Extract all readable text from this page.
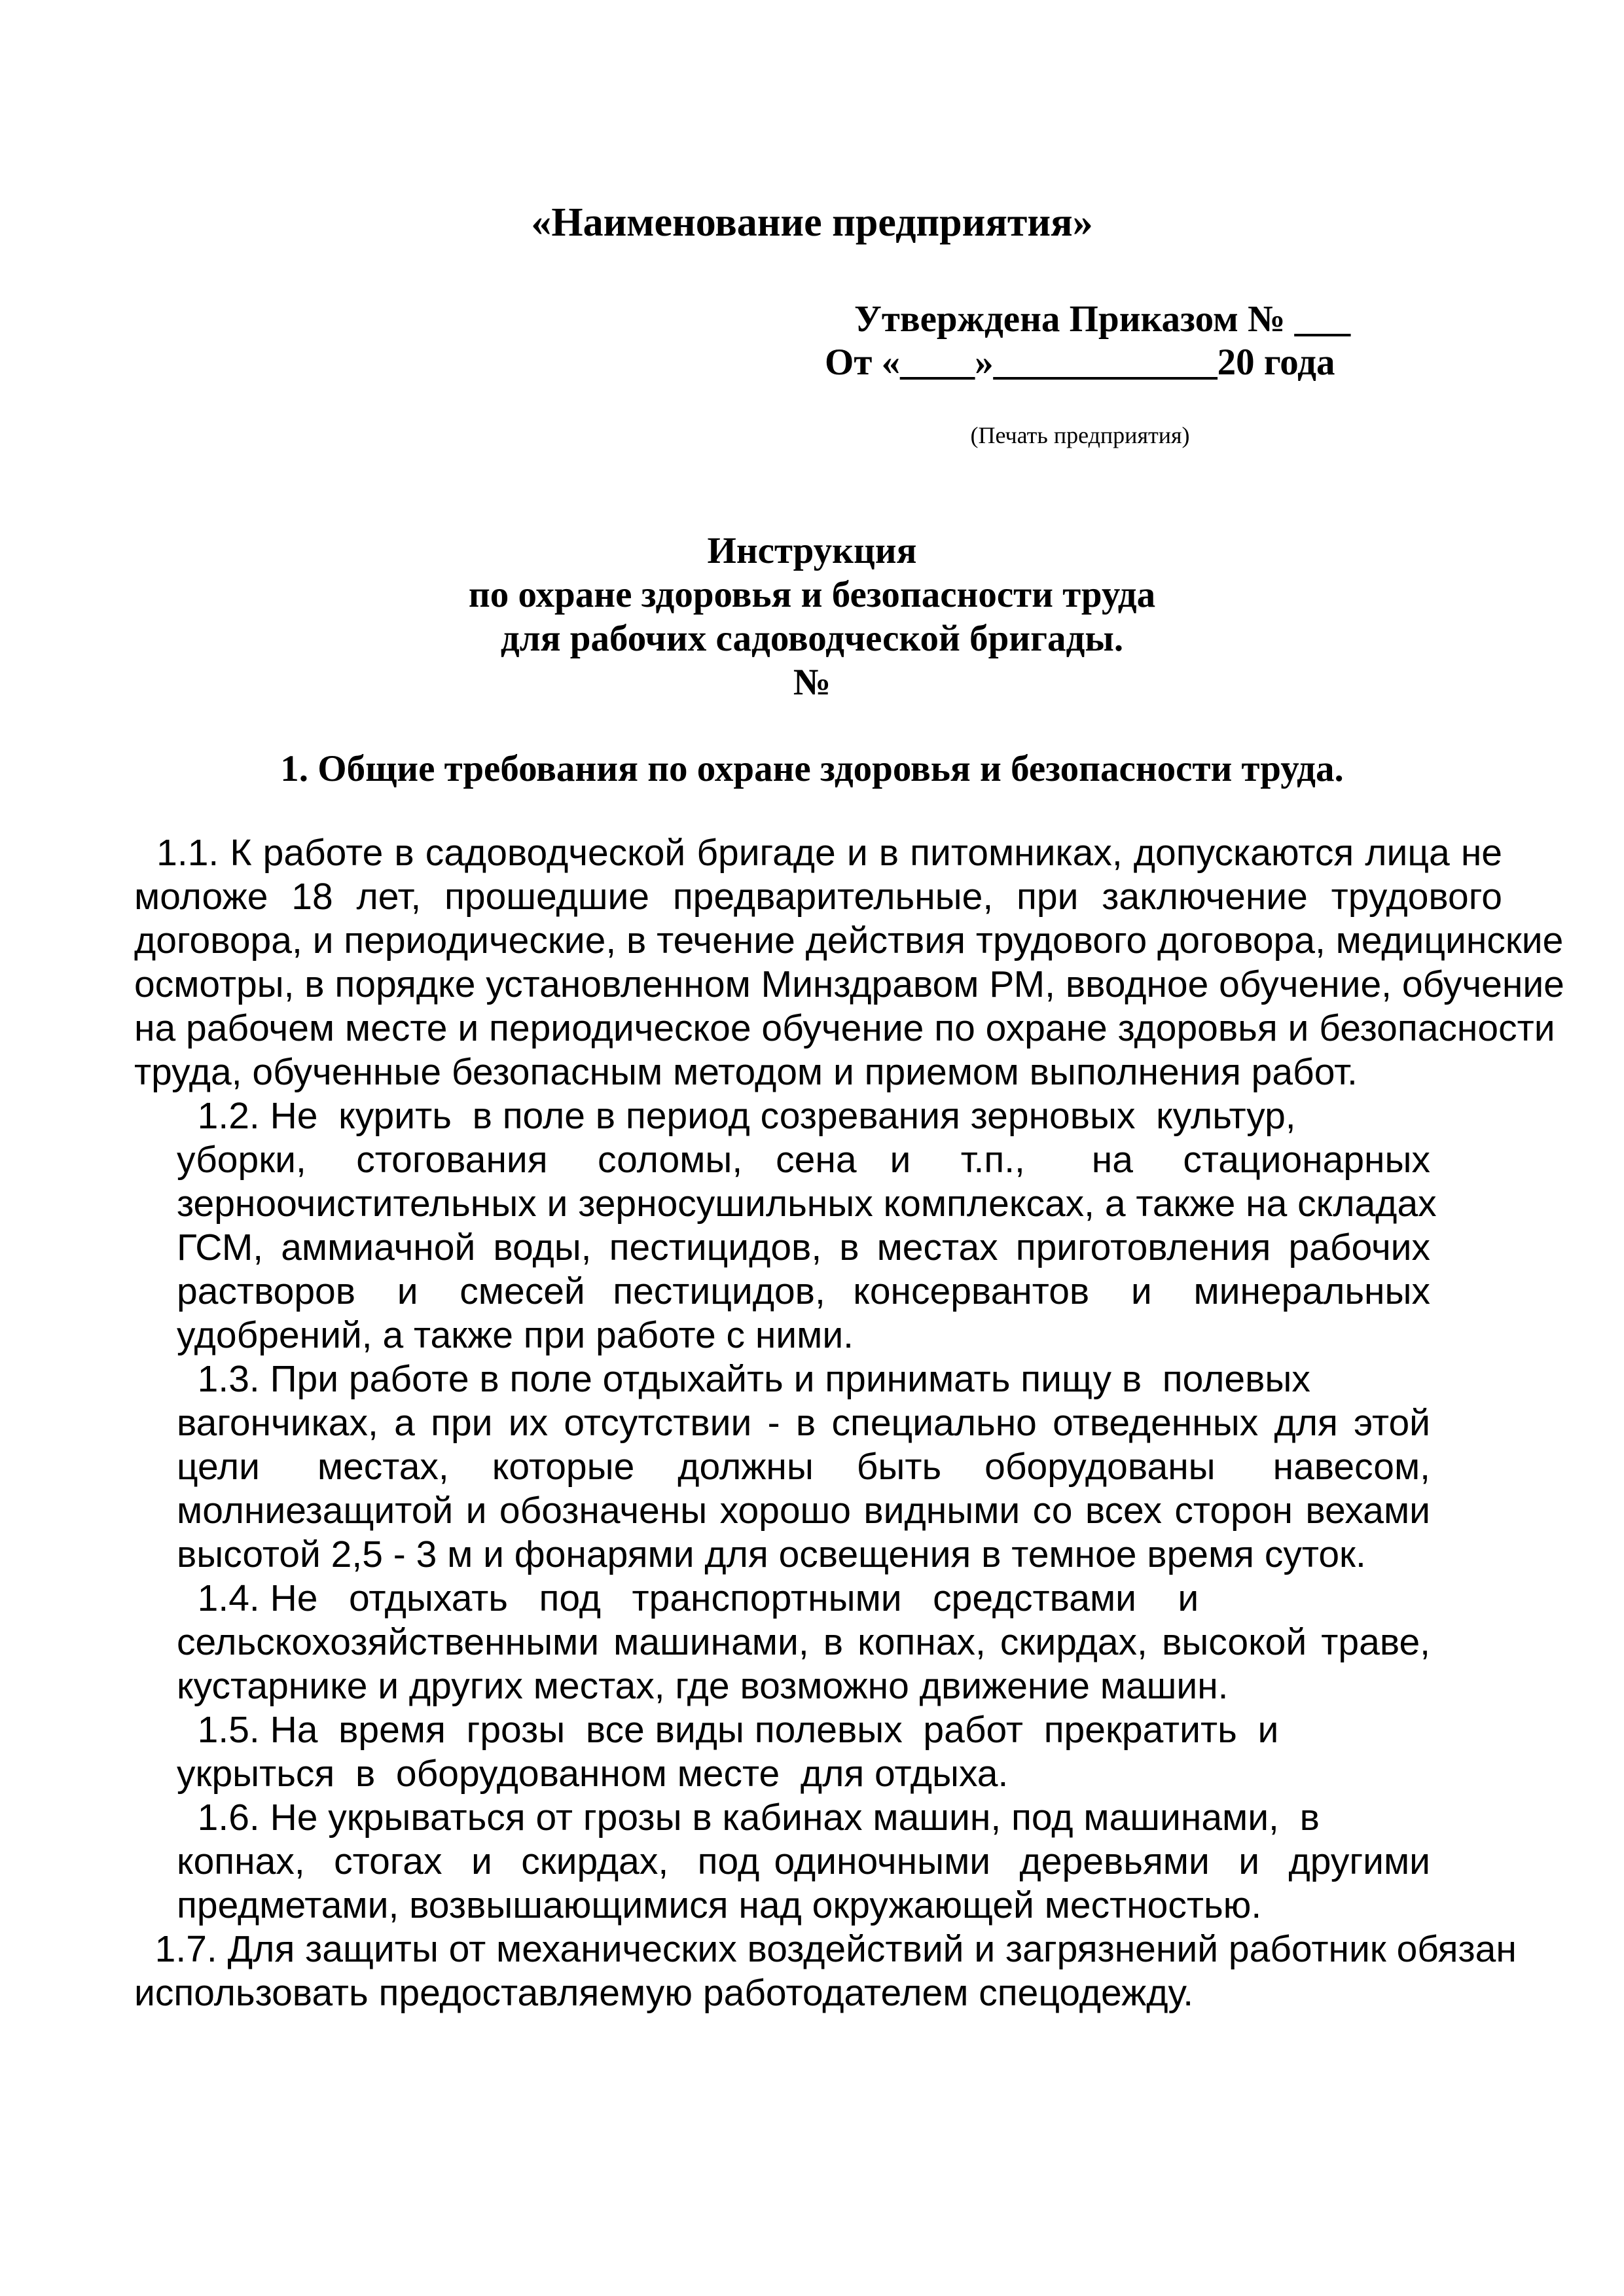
«Наименование предприятия»
Утверждена Приказом № ___
От «____»____________20 года
(Печать предприятия)
Инструкция
по охране здоровья и безопасности труда
для рабочих садоводческой бригады.
№
1. Общие требования по охране здоровья и безопасности труда.
1.1. К работе в садоводческой бригаде и в питомниках, допускаются лица не
моложе 18 лет, прошедшие предварительные, при заключение трудового
договора, и периодические, в течение действия трудового договора, медицинские
осмотры, в порядке установленном Минздравом РМ, вводное обучение, обучение
на рабочем месте и периодическое обучение по охране здоровья и безопасности
труда, обученные безопасным методом и приемом выполнения работ.
1.2. Не  курить  в поле в период созревания зерновых  культур,
уборки,   стогования   соломы,  сена  и   т.п.,    на   стационарных
зерноочистительных и зерносушильных комплексах, а также на складах
ГСМ, аммиачной воды, пестицидов, в местах приготовления рабочих
растворов   и   смесей  пестицидов,  консервантов   и   минеральных
удобрений, а также при работе с ними.
1.3. При работе в поле отдыхайть и принимать пищу в  полевых
вагончиках, а при их отсутствии - в специально отведенных для этой
цели    местах,   которые   должны   быть   оборудованы    навесом,
молниезащитой и обозначены хорошо видными со всех сторон вехами
высотой 2,5 - 3 м и фонарями для освещения в темное время суток.
1.4. Не   отдыхать   под   транспортными   средствами    и
сельскохозяйственными машинами, в копнах, скирдах, высокой траве,
кустарнике и других местах, где возможно движение машин.
1.5. На  время  грозы  все виды полевых  работ  прекратить  и
укрыться  в  оборудованном месте  для отдыха.
1.6. Не укрываться от грозы в кабинах машин, под машинами,  в
копнах,  стогах  и  скирдах,  под одиночными  деревьями  и  другими
предметами, возвышающимися над окружающей местностью.
1.7. Для защиты от механических воздействий и загрязнений работник обязан
использовать предоставляемую работодателем спецодежду.
